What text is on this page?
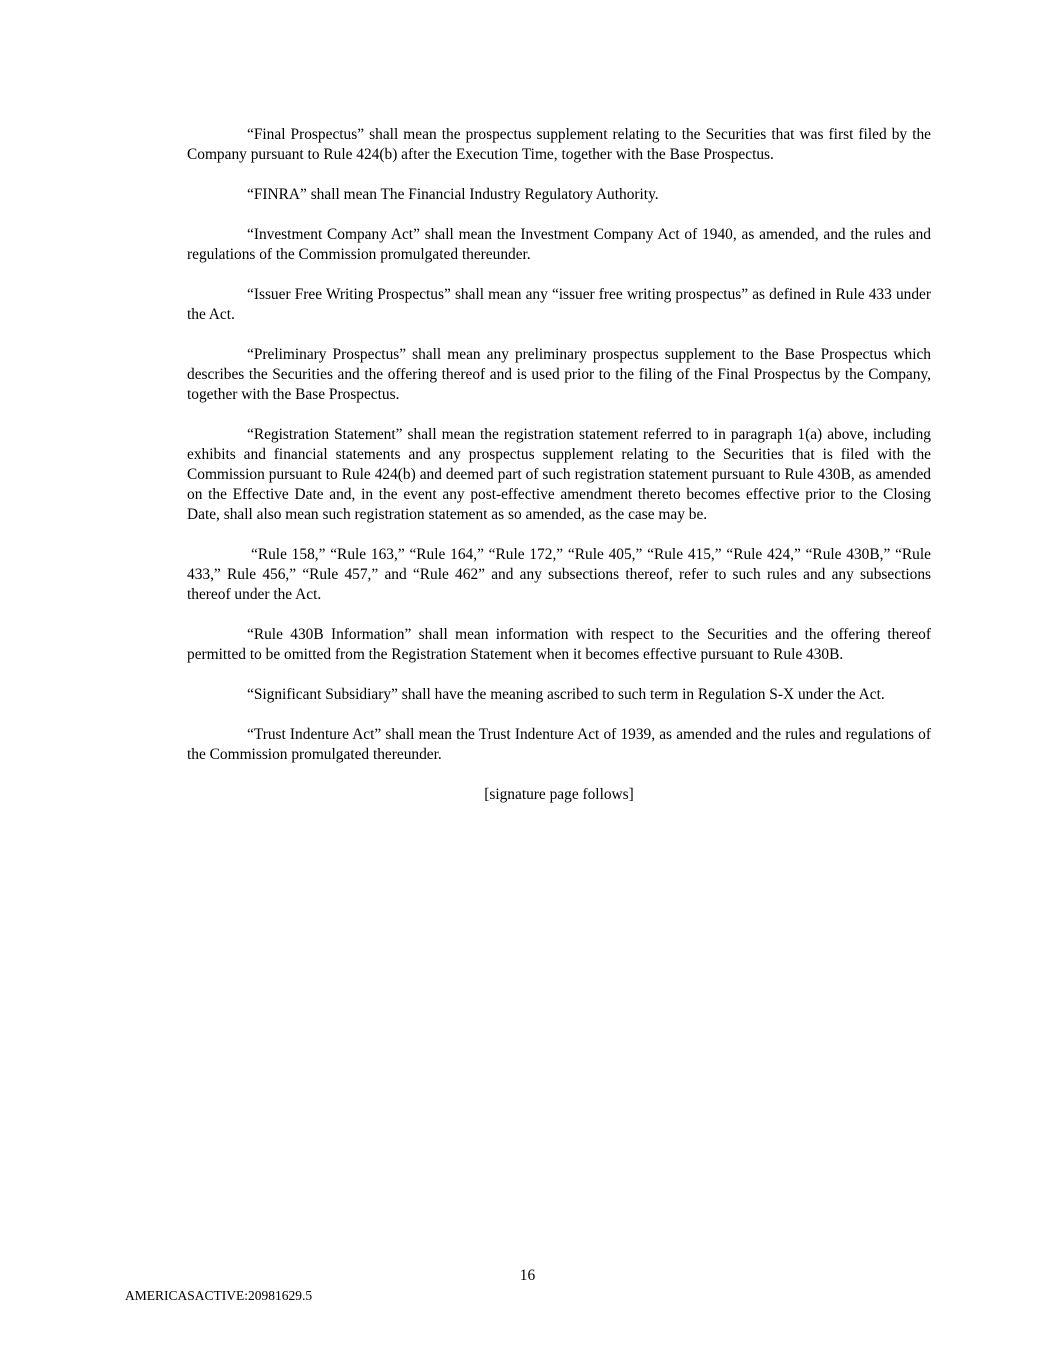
“Final Prospectus” shall mean the prospectus supplement relating to the Securities that was first filed by the Company pursuant to Rule 424(b) after the Execution Time, together with the Base Prospectus.

“FINRA” shall mean The Financial Industry Regulatory Authority.

“Investment Company Act” shall mean the Investment Company Act of 1940, as amended, and the rules and regulations of the Commission promulgated thereunder.

“Issuer Free Writing Prospectus” shall mean any “issuer free writing prospectus” as defined in Rule 433 under the Act.

“Preliminary Prospectus” shall mean any preliminary prospectus supplement to the Base Prospectus which describes the Securities and the offering thereof and is used prior to the filing of the Final Prospectus by the Company, together with the Base Prospectus.

“Registration Statement” shall mean the registration statement referred to in paragraph 1(a) above, including exhibits and financial statements and any prospectus supplement relating to the Securities that is filed with the Commission pursuant to Rule 424(b) and deemed part of such registration statement pursuant to Rule 430B, as amended on the Effective Date and, in the event any post-effective amendment thereto becomes effective prior to the Closing Date, shall also mean such registration statement as so amended, as the case may be.

“Rule 158,” “Rule 163,” “Rule 164,” “Rule 172,” “Rule 405,” “Rule 415,” “Rule 424,” “Rule 430B,” “Rule 433,” Rule 456,” “Rule 457,” and “Rule 462” and any subsections thereof, refer to such rules and any subsections thereof under the Act.

“Rule 430B Information” shall mean information with respect to the Securities and the offering thereof permitted to be omitted from the Registration Statement when it becomes effective pursuant to Rule 430B.

“Significant Subsidiary” shall have the meaning ascribed to such term in Regulation S-X under the Act.

“Trust Indenture Act” shall mean the Trust Indenture Act of 1939, as amended and the rules and regulations of the Commission promulgated thereunder.

[signature page follows]

16
AMERICASACTIVE:20981629.5
